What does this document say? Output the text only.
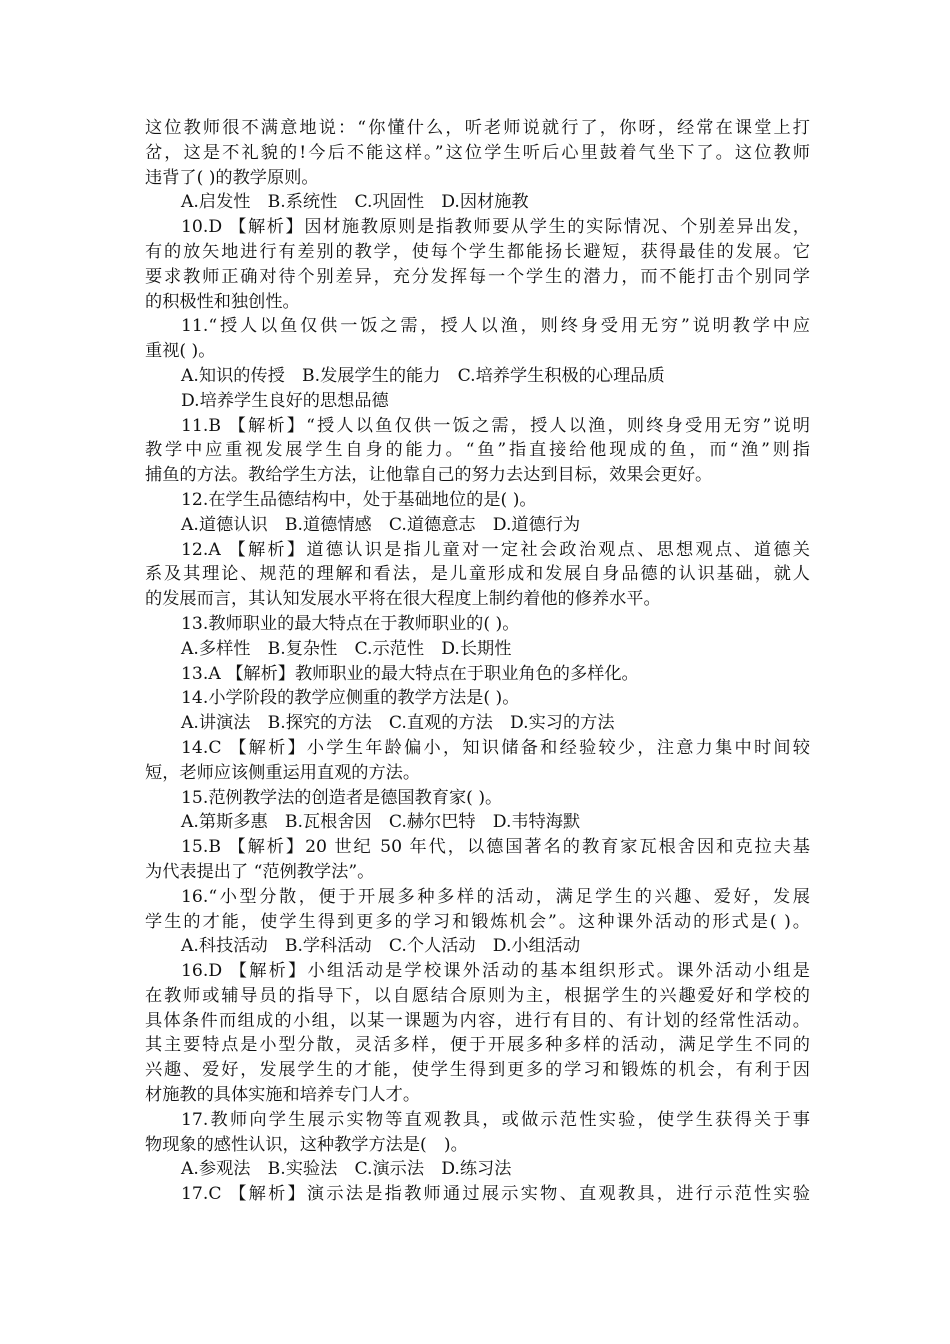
这位教师很不满意地说：“你懂什么，听老师说就行了，你呀，经常在课堂上打
岔，这是不礼貌的!今后不能这样。”这位学生听后心里鼓着气坐下了。这位教师
违背了( )的教学原则。
A.启发性　B.系统性　C.巩固性　D.因材施教
10.D 【解析】因材施教原则是指教师要从学生的实际情况、个别差异出发，
有的放矢地进行有差别的教学，使每个学生都能扬长避短，获得最佳的发展。它
要求教师正确对待个别差异，充分发挥每一个学生的潜力，而不能打击个别同学
的积极性和独创性。
11.“授人以鱼仅供一饭之需，授人以渔，则终身受用无穷”说明教学中应
重视( )。
A.知识的传授　B.发展学生的能力　C.培养学生积极的心理品质
D.培养学生良好的思想品德
11.B 【解析】“授人以鱼仅供一饭之需，授人以渔，则终身受用无穷”说明
教学中应重视发展学生自身的能力。“鱼”指直接给他现成的鱼，而“渔”则指
捕鱼的方法。教给学生方法，让他靠自己的努力去达到目标，效果会更好。
12.在学生品德结构中，处于基础地位的是( )。
A.道德认识　B.道德情感　C.道德意志　D.道德行为
12.A 【解析】道德认识是指儿童对一定社会政治观点、思想观点、道德关
系及其理论、规范的理解和看法，是儿童形成和发展自身品德的认识基础，就人
的发展而言，其认知发展水平将在很大程度上制约着他的修养水平。
13.教师职业的最大特点在于教师职业的( )。
A.多样性　B.复杂性　C.示范性　D.长期性
13.A 【解析】教师职业的最大特点在于职业角色的多样化。
14.小学阶段的教学应侧重的教学方法是( )。
A.讲演法　B.探究的方法　C.直观的方法　D.实习的方法
14.C 【解析】小学生年龄偏小，知识储备和经验较少，注意力集中时间较
短，老师应该侧重运用直观的方法。
15.范例教学法的创造者是德国教育家( )。
A.第斯多惠　B.瓦根舍因　C.赫尔巴特　D.韦特海默
15.B 【解析】20 世纪 50 年代，以德国著名的教育家瓦根舍因和克拉夫基
为代表提出了 “范例教学法”。
16.“小型分散，便于开展多种多样的活动，满足学生的兴趣、爱好，发展
学生的才能，使学生得到更多的学习和锻炼机会”。这种课外活动的形式是( )。
A.科技活动　B.学科活动　C.个人活动　D.小组活动
16.D 【解析】小组活动是学校课外活动的基本组织形式。课外活动小组是
在教师或辅导员的指导下，以自愿结合原则为主，根据学生的兴趣爱好和学校的
具体条件而组成的小组，以某一课题为内容，进行有目的、有计划的经常性活动。
其主要特点是小型分散，灵活多样，便于开展多种多样的活动，满足学生不同的
兴趣、爱好，发展学生的才能，使学生得到更多的学习和锻炼的机会，有利于因
材施教的具体实施和培养专门人才。
17.教师向学生展示实物等直观教具，或做示范性实验，使学生获得关于事
物现象的感性认识，这种教学方法是(　)。
A.参观法　B.实验法　C.演示法　D.练习法
17.C 【解析】演示法是指教师通过展示实物、直观教具，进行示范性实验
